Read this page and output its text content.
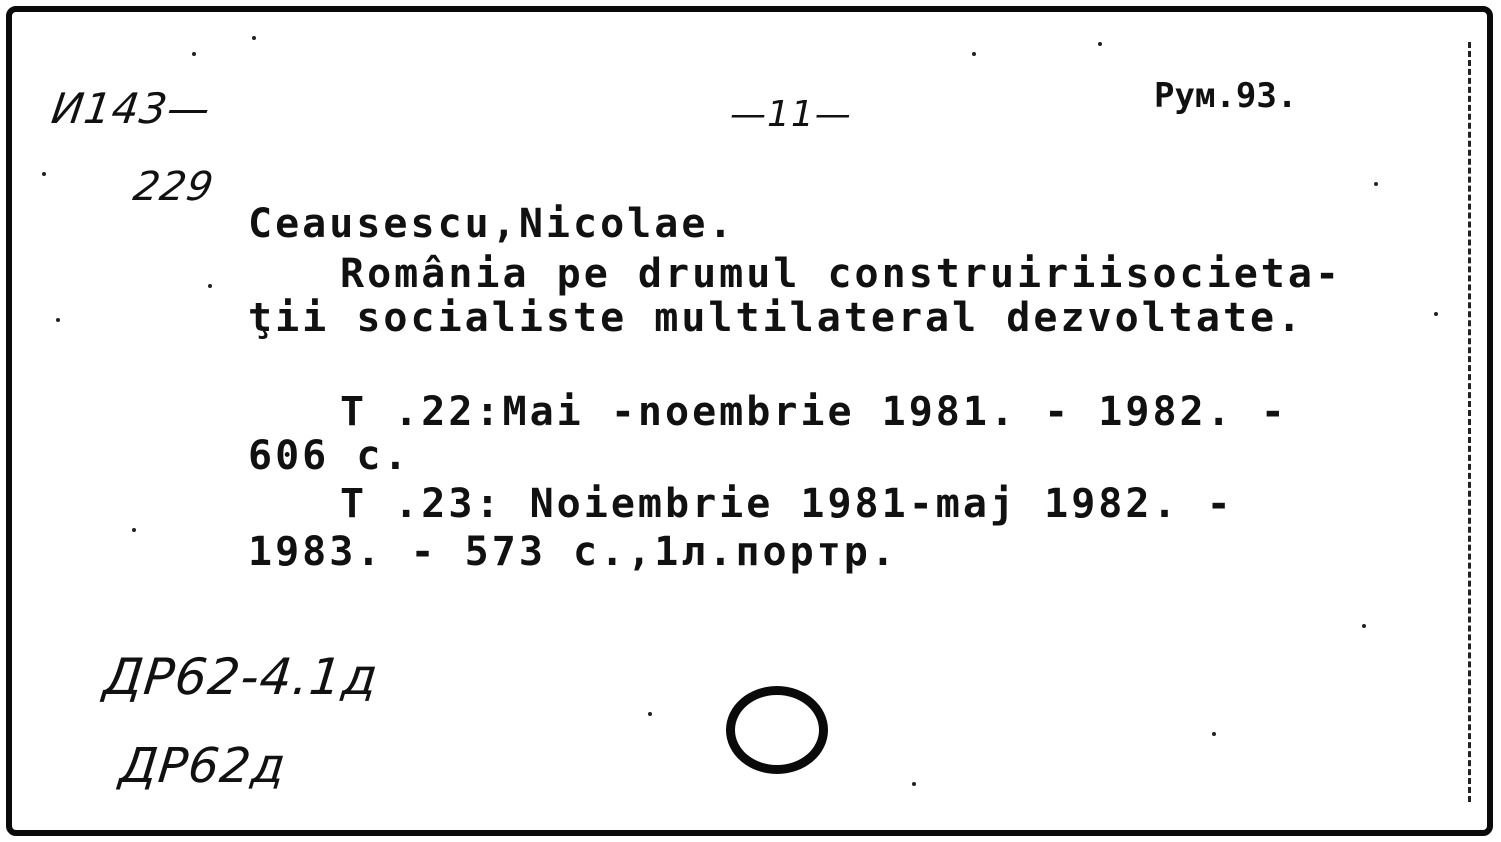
И143—
229
—11—	Рум.93.
Ceausescu,Nicolae.
România pe drumul construiriisocieta-
ţii socialiste multilateral dezvoltate.
T .22:Mai -noembrie 1981. - 1982. -
606 c.
T .23: Noiembrie 1981-maj 1982. -
1983. - 573 c.,1л.портр.
ДР62-4.1д
ДР62д
